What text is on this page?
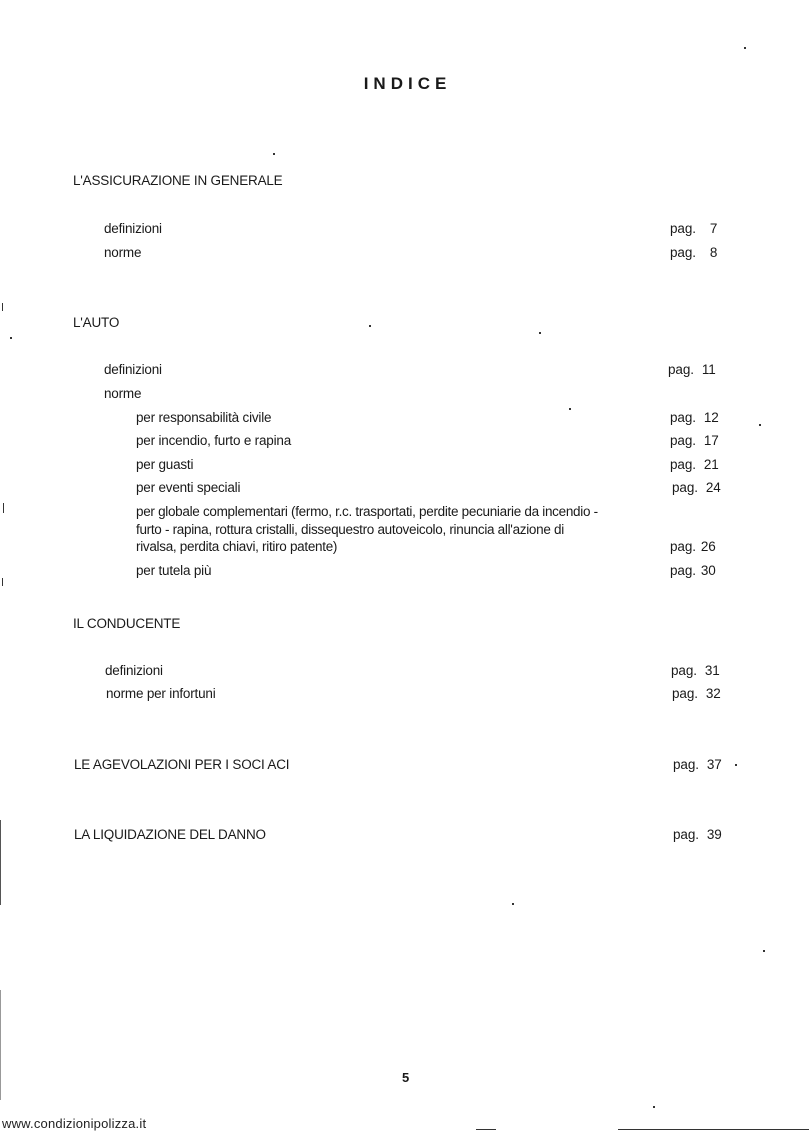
INDICE
L'ASSICURAZIONE IN GENERALE
definizioni	pag. 7
norme	pag. 8
L'AUTO
definizioni	pag. 11
norme
per responsabilità civile	pag. 12
per incendio, furto e rapina	pag. 17
per guasti	pag. 21
per eventi speciali	pag. 24
per globale complementari (fermo, r.c. trasportati, perdite pecuniarie da incendio - furto - rapina, rottura cristalli, dissequestro autoveicolo, rinuncia all'azione di rivalsa, perdita chiavi, ritiro patente)	pag. 26
per tutela più	pag. 30
IL CONDUCENTE
definizioni	pag. 31
norme per infortuni	pag. 32
LE AGEVOLAZIONI PER I SOCI ACI	pag. 37
LA LIQUIDAZIONE DEL DANNO	pag. 39
5
www.condizionipolizza.it
